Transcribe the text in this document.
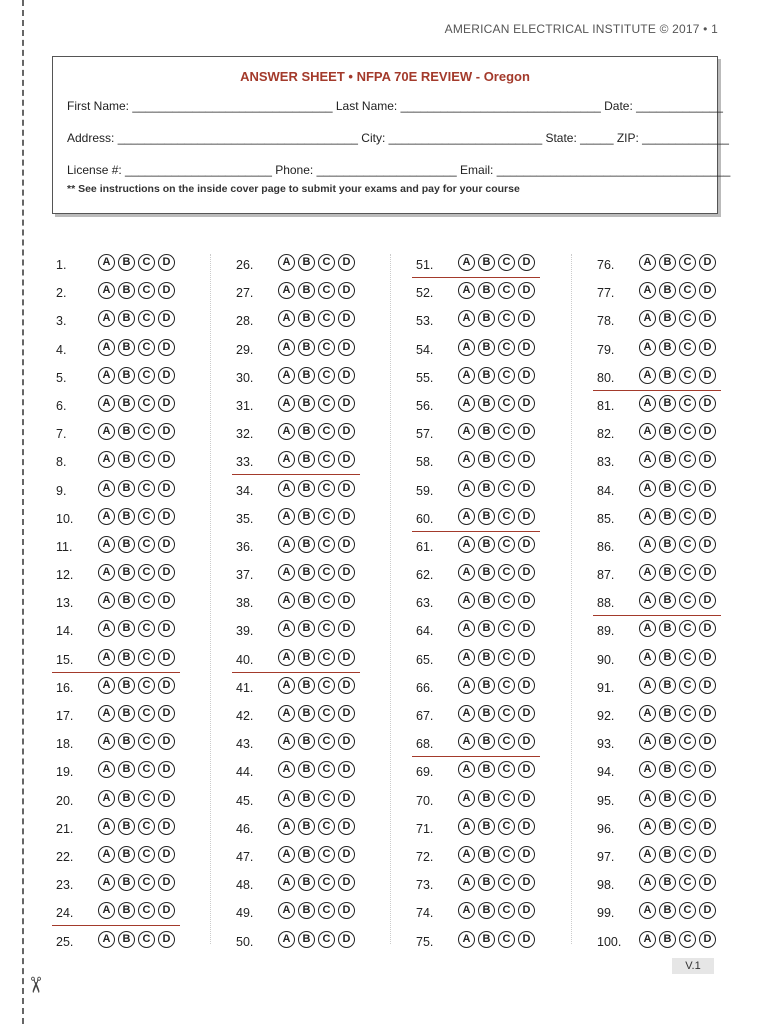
✂
AMERICAN ELECTRICAL INSTITUTE © 2017 • 1
ANSWER SHEET • NFPA 70E REVIEW - Oregon
First Name: ______________________________ Last Name: ______________________________ Date: _____________
Address: ____________________________________ City: _______________________ State: _____ ZIP: _____________
License #: ______________________ Phone: _____________________ Email: ___________________________________
** See instructions on the inside cover page to submit your exams and pay for your course
1.	A	B	C	D
2.	A	B	C	D
3.	A	B	C	D
4.	A	B	C	D
5.	A	B	C	D
6.	A	B	C	D
7.	A	B	C	D
8.	A	B	C	D
9.	A	B	C	D
10.	A	B	C	D
11.	A	B	C	D
12.	A	B	C	D
13.	A	B	C	D
14.	A	B	C	D
15.	A	B	C	D
16.	A	B	C	D
17.	A	B	C	D
18.	A	B	C	D
19.	A	B	C	D
20.	A	B	C	D
21.	A	B	C	D
22.	A	B	C	D
23.	A	B	C	D
24.	A	B	C	D
25.	A	B	C	D
26.	A	B	C	D
27.	A	B	C	D
28.	A	B	C	D
29.	A	B	C	D
30.	A	B	C	D
31.	A	B	C	D
32.	A	B	C	D
33.	A	B	C	D
34.	A	B	C	D
35.	A	B	C	D
36.	A	B	C	D
37.	A	B	C	D
38.	A	B	C	D
39.	A	B	C	D
40.	A	B	C	D
41.	A	B	C	D
42.	A	B	C	D
43.	A	B	C	D
44.	A	B	C	D
45.	A	B	C	D
46.	A	B	C	D
47.	A	B	C	D
48.	A	B	C	D
49.	A	B	C	D
50.	A	B	C	D
51.	A	B	C	D
52.	A	B	C	D
53.	A	B	C	D
54.	A	B	C	D
55.	A	B	C	D
56.	A	B	C	D
57.	A	B	C	D
58.	A	B	C	D
59.	A	B	C	D
60.	A	B	C	D
61.	A	B	C	D
62.	A	B	C	D
63.	A	B	C	D
64.	A	B	C	D
65.	A	B	C	D
66.	A	B	C	D
67.	A	B	C	D
68.	A	B	C	D
69.	A	B	C	D
70.	A	B	C	D
71.	A	B	C	D
72.	A	B	C	D
73.	A	B	C	D
74.	A	B	C	D
75.	A	B	C	D
76.	A	B	C	D
77.	A	B	C	D
78.	A	B	C	D
79.	A	B	C	D
80.	A	B	C	D
81.	A	B	C	D
82.	A	B	C	D
83.	A	B	C	D
84.	A	B	C	D
85.	A	B	C	D
86.	A	B	C	D
87.	A	B	C	D
88.	A	B	C	D
89.	A	B	C	D
90.	A	B	C	D
91.	A	B	C	D
92.	A	B	C	D
93.	A	B	C	D
94.	A	B	C	D
95.	A	B	C	D
96.	A	B	C	D
97.	A	B	C	D
98.	A	B	C	D
99.	A	B	C	D
100.	A	B	C	D
V.1
